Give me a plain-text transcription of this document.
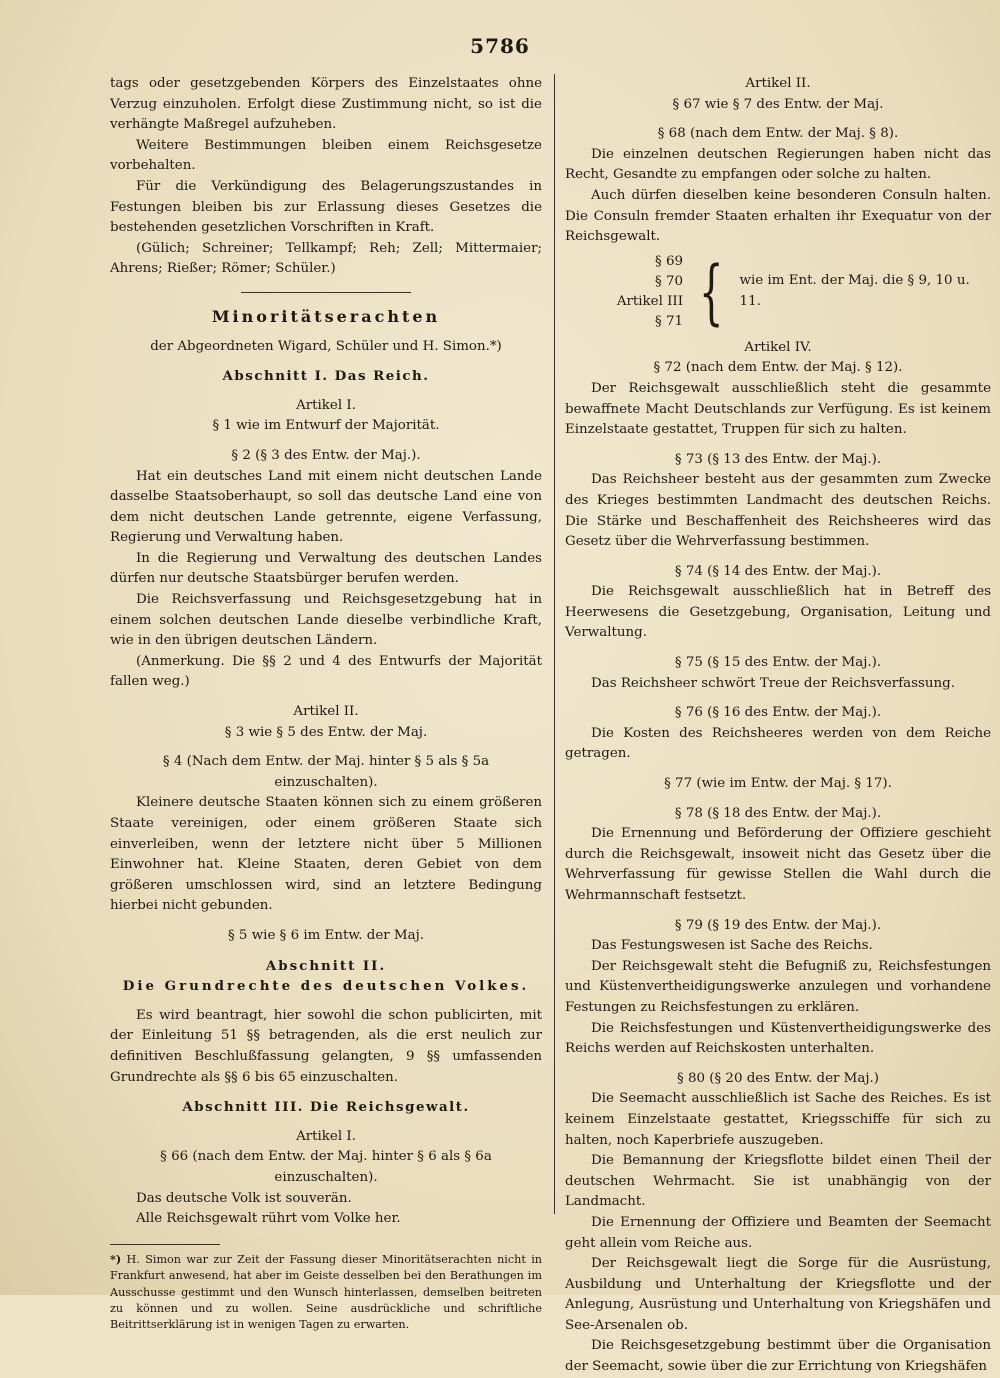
5786

tags oder gesetzgebenden Körpers des Einzelstaates ohne Verzug einzuholen. Erfolgt diese Zustimmung nicht, so ist die verhängte Maßregel aufzuheben.

Weitere Bestimmungen bleiben einem Reichsgesetze vorbehalten.

Für die Verkündigung des Belagerungszustandes in Festungen bleiben bis zur Erlassung dieses Gesetzes die bestehenden gesetzlichen Vorschriften in Kraft.

(Gülich; Schreiner; Tellkampf; Reh; Zell; Mittermaier; Ahrens; Rießer; Römer; Schüler.)

Minoritätserachten

der Abgeordneten Wigard, Schüler und H. Simon.*)

Abschnitt I. Das Reich.

Artikel I.

§ 1 wie im Entwurf der Majorität.

§ 2 (§ 3 des Entw. der Maj.).

Hat ein deutsches Land mit einem nicht deutschen Lande dasselbe Staatsoberhaupt, so soll das deutsche Land eine von dem nicht deutschen Lande getrennte, eigene Verfassung, Regierung und Verwaltung haben.

In die Regierung und Verwaltung des deutschen Landes dürfen nur deutsche Staatsbürger berufen werden.

Die Reichsverfassung und Reichsgesetzgebung hat in einem solchen deutschen Lande dieselbe verbindliche Kraft, wie in den übrigen deutschen Ländern.

(Anmerkung. Die §§ 2 und 4 des Entwurfs der Majorität fallen weg.)

Artikel II.

§ 3 wie § 5 des Entw. der Maj.

§ 4 (Nach dem Entw. der Maj. hinter § 5 als § 5a einzuschalten).

Kleinere deutsche Staaten können sich zu einem größeren Staate vereinigen, oder einem größeren Staate sich einverleiben, wenn der letztere nicht über 5 Millionen Einwohner hat. Kleine Staaten, deren Gebiet von dem größeren umschlossen wird, sind an letztere Bedingung hierbei nicht gebunden.

§ 5 wie § 6 im Entw. der Maj.

Abschnitt II.

Die Grundrechte des deutschen Volkes.

Es wird beantragt, hier sowohl die schon publicirten, mit der Einleitung 51 §§ betragenden, als die erst neulich zur definitiven Beschlußfassung gelangten, 9 §§ umfassenden Grundrechte als §§ 6 bis 65 einzuschalten.

Abschnitt III. Die Reichsgewalt.

Artikel I.

§ 66 (nach dem Entw. der Maj. hinter § 6 als § 6a einzuschalten).

Das deutsche Volk ist souverän.

Alle Reichsgewalt rührt vom Volke her.

*) H. Simon war zur Zeit der Fassung dieser Minoritätserachten nicht in Frankfurt anwesend, hat aber im Geiste desselben bei den Berathungen im Ausschusse gestimmt und den Wunsch hinterlassen, demselben beitreten zu können und zu wollen. Seine ausdrückliche und schriftliche Beitrittserklärung ist in wenigen Tagen zu erwarten.

Artikel II.

§ 67 wie § 7 des Entw. der Maj.

§ 68 (nach dem Entw. der Maj. § 8).

Die einzelnen deutschen Regierungen haben nicht das Recht, Gesandte zu empfangen oder solche zu halten.

Auch dürfen dieselben keine besonderen Consuln halten. Die Consuln fremder Staaten erhalten ihr Exequatur von der Reichsgewalt.

§ 69
§ 70
Artikel III
§ 71 { wie im Ent. der Maj. die § 9, 10 u. 11.

Artikel IV.

§ 72 (nach dem Entw. der Maj. § 12).

Der Reichsgewalt ausschließlich steht die gesammte bewaffnete Macht Deutschlands zur Verfügung. Es ist keinem Einzelstaate gestattet, Truppen für sich zu halten.

§ 73 (§ 13 des Entw. der Maj.).

Das Reichsheer besteht aus der gesammten zum Zwecke des Krieges bestimmten Landmacht des deutschen Reichs. Die Stärke und Beschaffenheit des Reichsheeres wird das Gesetz über die Wehrverfassung bestimmen.

§ 74 (§ 14 des Entw. der Maj.).

Die Reichsgewalt ausschließlich hat in Betreff des Heerwesens die Gesetzgebung, Organisation, Leitung und Verwaltung.

§ 75 (§ 15 des Entw. der Maj.).

Das Reichsheer schwört Treue der Reichsverfassung.

§ 76 (§ 16 des Entw. der Maj.).

Die Kosten des Reichsheeres werden von dem Reiche getragen.

§ 77 (wie im Entw. der Maj. § 17).

§ 78 (§ 18 des Entw. der Maj.).

Die Ernennung und Beförderung der Offiziere geschieht durch die Reichsgewalt, insoweit nicht das Gesetz über die Wehrverfassung für gewisse Stellen die Wahl durch die Wehrmannschaft festsetzt.

§ 79 (§ 19 des Entw. der Maj.).

Das Festungswesen ist Sache des Reichs.

Der Reichsgewalt steht die Befugniß zu, Reichsfestungen und Küstenvertheidigungswerke anzulegen und vorhandene Festungen zu Reichsfestungen zu erklären.

Die Reichsfestungen und Küstenvertheidigungswerke des Reichs werden auf Reichskosten unterhalten.

§ 80 (§ 20 des Entw. der Maj.)

Die Seemacht ausschließlich ist Sache des Reiches. Es ist keinem Einzelstaate gestattet, Kriegsschiffe für sich zu halten, noch Kaperbriefe auszugeben.

Die Bemannung der Kriegsflotte bildet einen Theil der deutschen Wehrmacht. Sie ist unabhängig von der Landmacht.

Die Ernennung der Offiziere und Beamten der Seemacht geht allein vom Reiche aus.

Der Reichsgewalt liegt die Sorge für die Ausrüstung, Ausbildung und Unterhaltung der Kriegsflotte und der Anlegung, Ausrüstung und Unterhaltung von Kriegshäfen und See-Arsenalen ob.

Die Reichsgesetzgebung bestimmt über die Organisation der Seemacht, sowie über die zur Errichtung von Kriegshäfen
